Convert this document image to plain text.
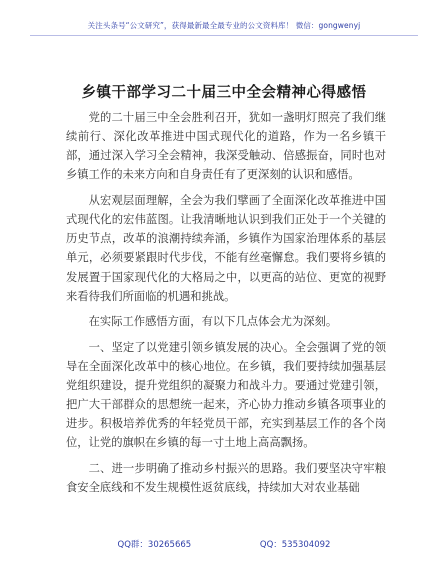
关注头条号“公文研究”，获得最新最全最专业的公文资料库！ 微信：gongwenyj
乡镇干部学习二十届三中全会精神心得感悟

党的二十届三中全会胜利召开，犹如一盏明灯照亮了我们继续前行、深化改革推进中国式现代化的道路，作为一名乡镇干部，通过深入学习全会精神，我深受触动、倍感振奋，同时也对乡镇工作的未来方向和自身责任有了更深刻的认识和感悟。

从宏观层面理解，全会为我们擘画了全面深化改革推进中国式现代化的宏伟蓝图。让我清晰地认识到我们正处于一个关键的历史节点，改革的浪潮持续奔涌，乡镇作为国家治理体系的基层单元，必须要紧跟时代步伐，不能有丝毫懈怠。我们要将乡镇的发展置于国家现代化的大格局之中，以更高的站位、更宽的视野来看待我们所面临的机遇和挑战。

在实际工作感悟方面，有以下几点体会尤为深刻。

一、坚定了以党建引领乡镇发展的决心。全会强调了党的领导在全面深化改革中的核心地位。在乡镇，我们要持续加强基层党组织建设，提升党组织的凝聚力和战斗力。要通过党建引领，把广大干部群众的思想统一起来，齐心协力推动乡镇各项事业的进步。积极培养优秀的年轻党员干部，充实到基层工作的各个岗位，让党的旗帜在乡镇的每一寸土地上高高飘扬。

二、进一步明确了推动乡村振兴的思路。我们要坚决守牢粮食安全底线和不发生规模性返贫底线，持续加大对农业基础

QQ群：30265665	QQ：535304092
